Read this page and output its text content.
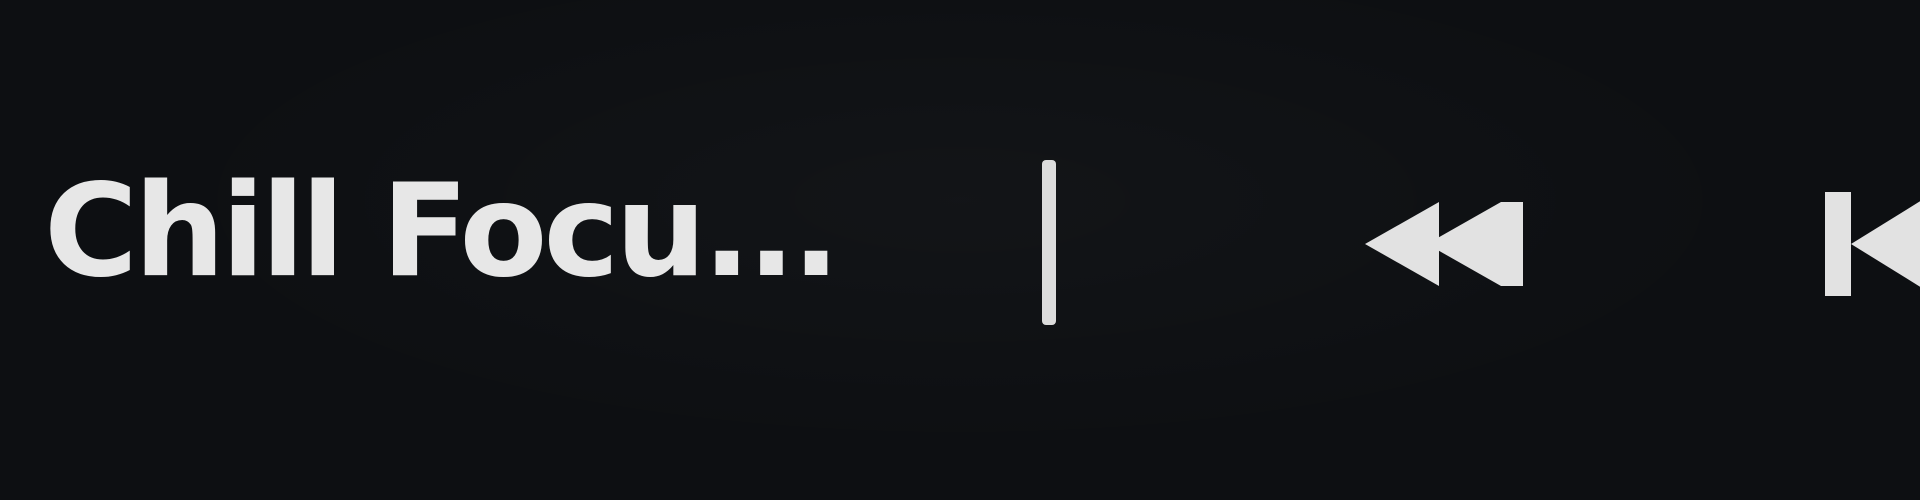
Chill Focu...
